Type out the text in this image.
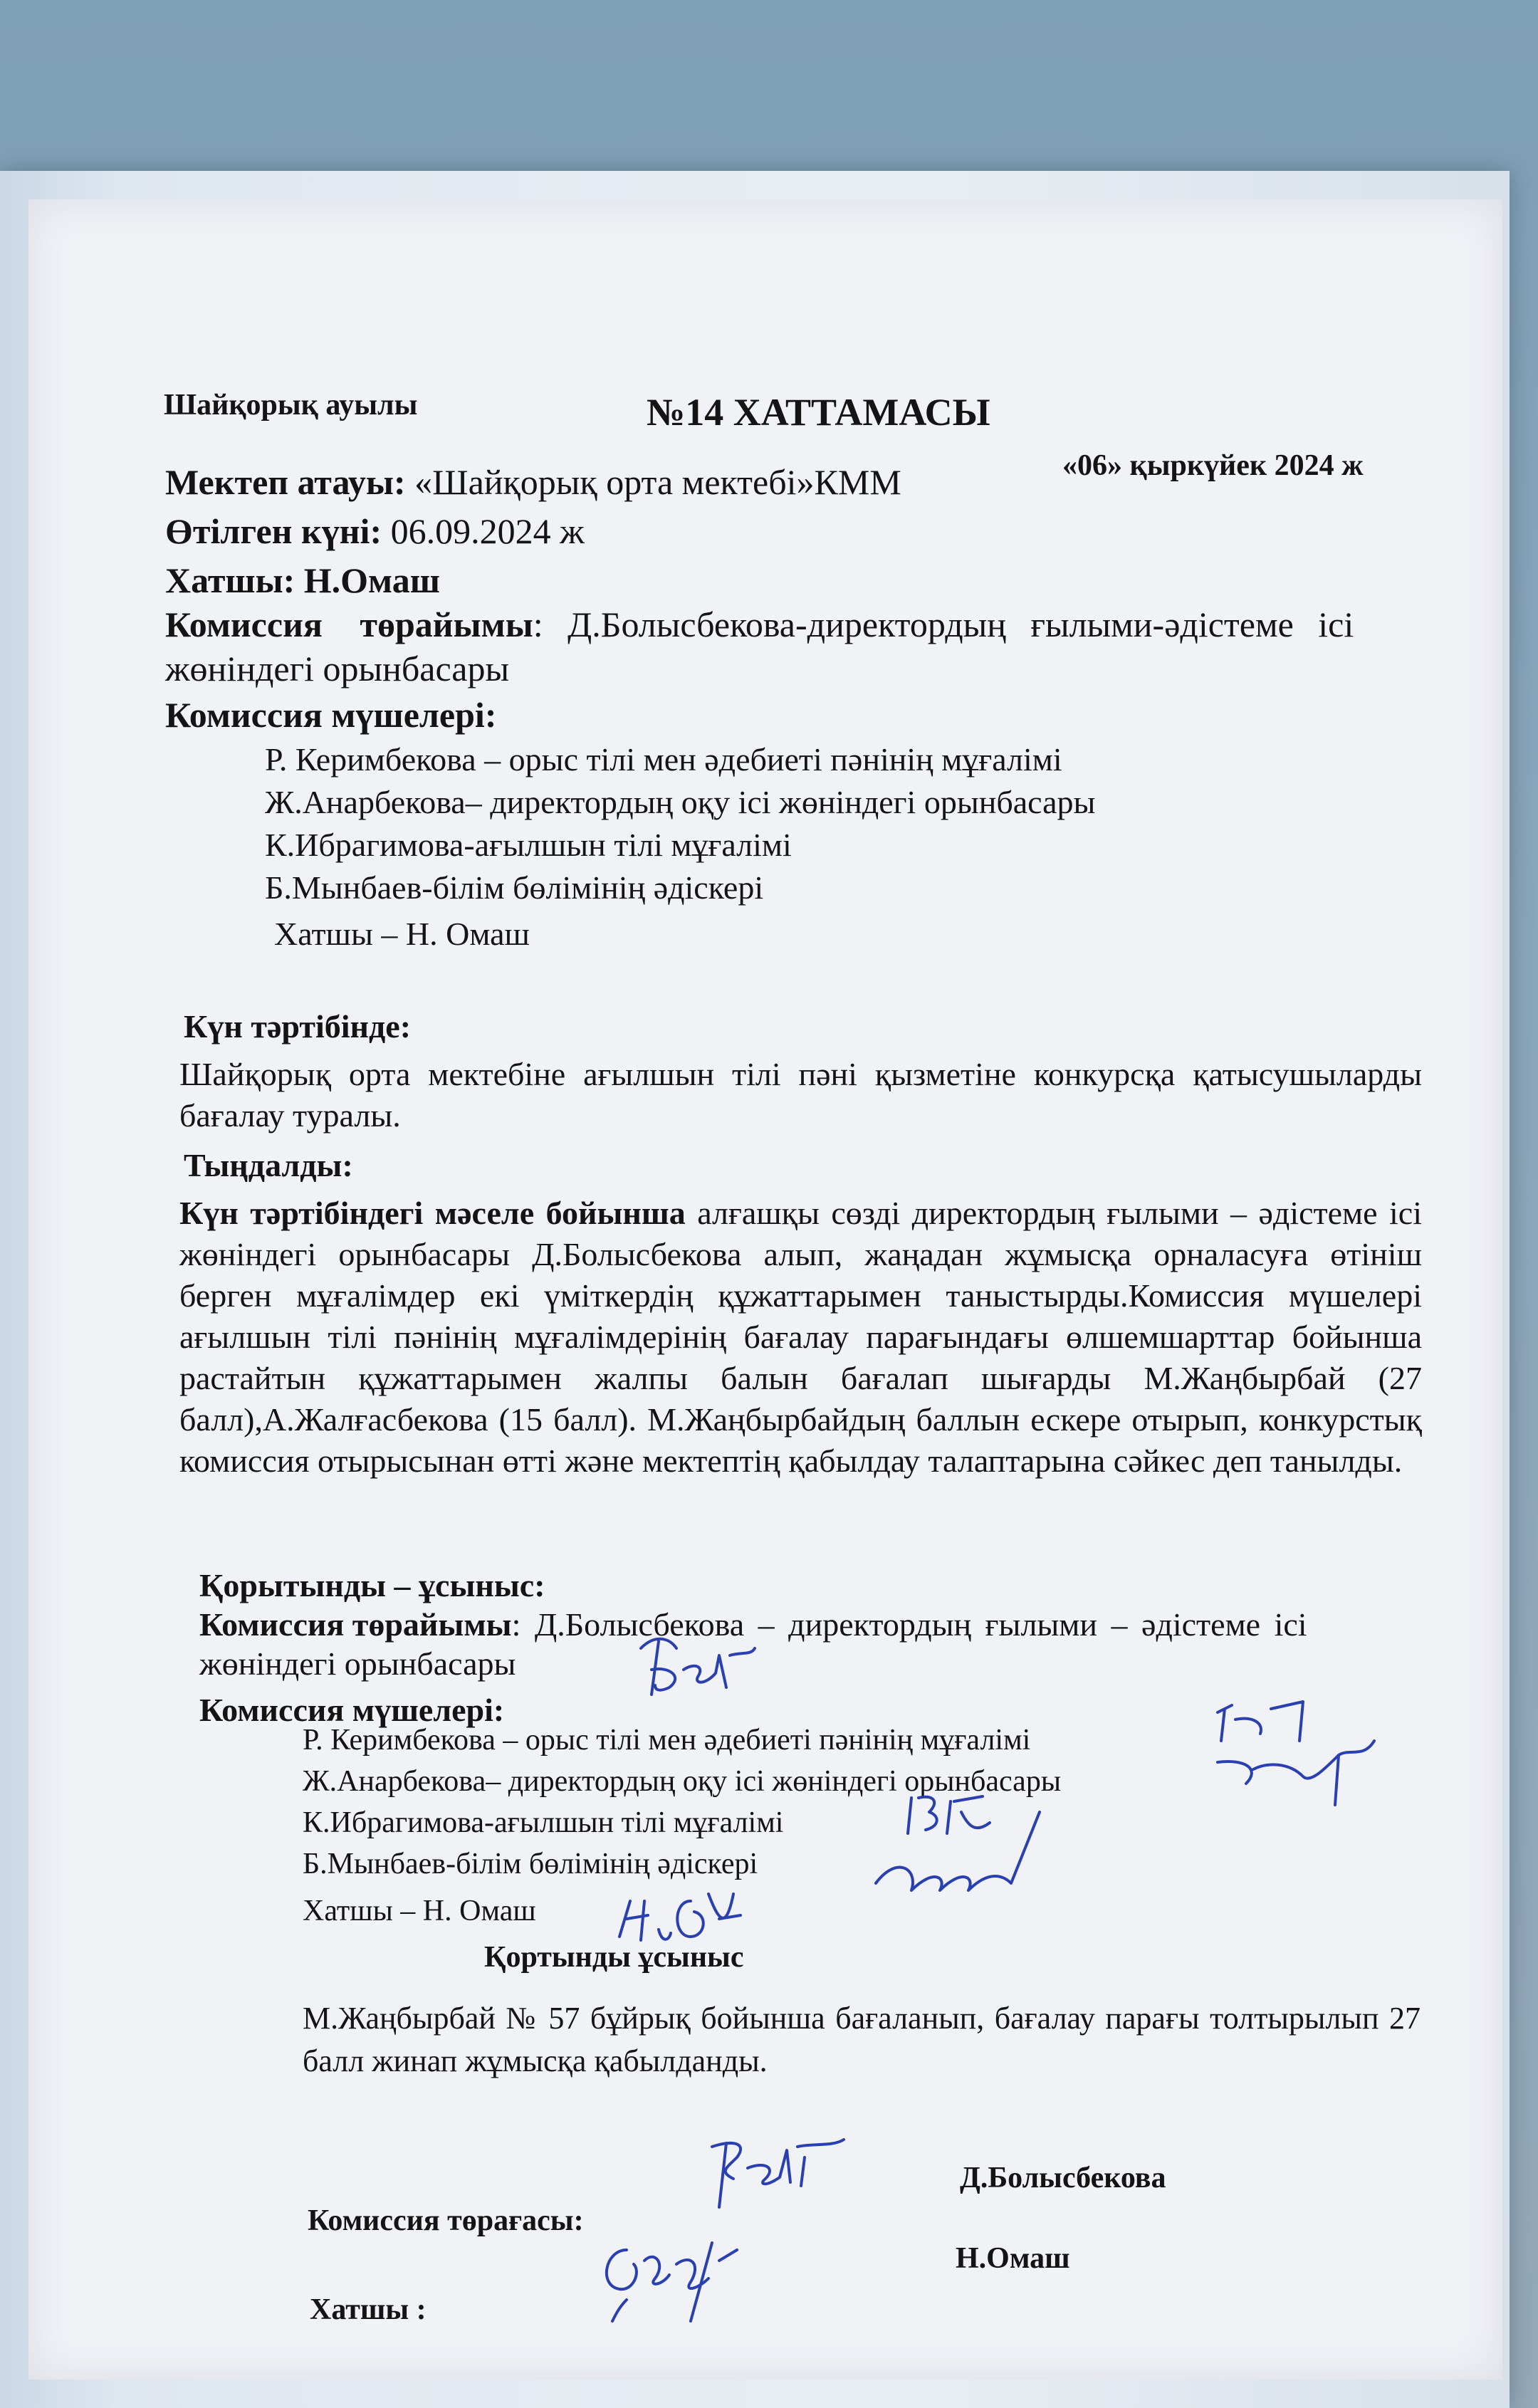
Шайқорық ауылы	№14 ХАТТАМАСЫ
«06» қыркүйек 2024 ж
Мектеп атауы: «Шайқорық орта мектебі»КММ
Өтілген күні: 06.09.2024 ж
Хатшы: Н.Омаш
Комиссия төрайымы: Д.Болысбекова-директордың ғылыми-әдістеме ісі
жөніндегі орынбасары
Комиссия мүшелері:
Р. Керимбекова – орыс тілі мен әдебиеті пәнінің мұғалімі
Ж.Анарбекова– директордың оқу ісі жөніндегі орынбасары
К.Ибрагимова-ағылшын тілі мұғалімі
Б.Мынбаев-білім бөлімінің әдіскері
Хатшы – Н. Омаш
Күн тәртібінде:
Шайқорық орта мектебіне ағылшын тілі пәні қызметіне конкурсқа қатысушыларды бағалау туралы.
Тыңдалды:
Күн тәртібіндегі мәселе бойынша алғашқы сөзді директордың ғылыми – әдістеме ісі жөніндегі орынбасары Д.Болысбекова алып, жаңадан жұмысқа орналасуға өтініш берген мұғалімдер екі үміткердің құжаттарымен таныстырды.Комиссия мүшелері ағылшын тілі пәнінің мұғалімдерінің бағалау парағындағы өлшемшарттар бойынша растайтын құжаттарымен жалпы балын бағалап шығарды М.Жаңбырбай (27 балл),А.Жалғасбекова (15 балл). М.Жаңбырбайдың баллын ескере отырып, конкурстық комиссия отырысынан өтті және мектептің қабылдау талаптарына сәйкес деп танылды.
Қорытынды – ұсыныс:
Комиссия төрайымы: Д.Болысбекова – директордың ғылыми – әдістеме ісі
жөніндегі орынбасары
Комиссия мүшелері:
Р. Керимбекова – орыс тілі мен әдебиеті пәнінің мұғалімі
Ж.Анарбекова– директордың оқу ісі жөніндегі орынбасары
К.Ибрагимова-ағылшын тілі мұғалімі
Б.Мынбаев-білім бөлімінің әдіскері
Хатшы – Н. Омаш
Қортынды ұсыныс
М.Жаңбырбай № 57 бұйрық бойынша бағаланып, бағалау парағы толтырылып 27 балл жинап жұмысқа қабылданды.
Комиссия төрағасы:
Д.Болысбекова
Хатшы :
Н.Омаш
